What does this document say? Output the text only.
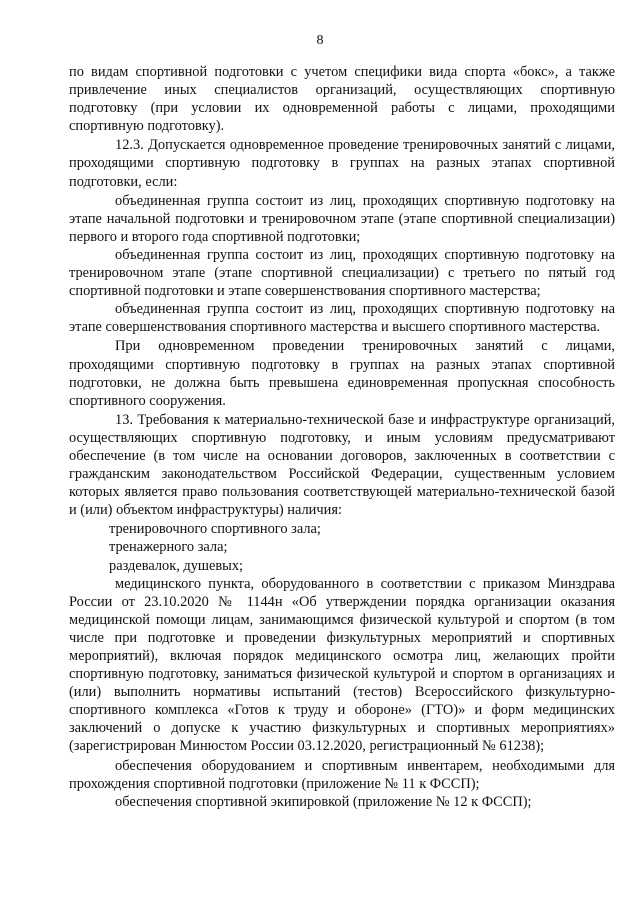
8

по видам спортивной подготовки с учетом специфики вида спорта «бокс», а также привлечение иных специалистов организаций, осуществляющих спортивную подготовку (при условии их одновременной работы с лицами, проходящими спортивную подготовку).

12.3. Допускается одновременное проведение тренировочных занятий с лицами, проходящими спортивную подготовку в группах на разных этапах спортивной подготовки, если:

объединенная группа состоит из лиц, проходящих спортивную подготовку на этапе начальной подготовки и тренировочном этапе (этапе спортивной специализации) первого и второго года спортивной подготовки;

объединенная группа состоит из лиц, проходящих спортивную подготовку на тренировочном этапе (этапе спортивной специализации) с третьего по пятый год спортивной подготовки и этапе совершенствования спортивного мастерства;

объединенная группа состоит из лиц, проходящих спортивную подготовку на этапе совершенствования спортивного мастерства и высшего спортивного мастерства.

При одновременном проведении тренировочных занятий с лицами, проходящими спортивную подготовку в группах на разных этапах спортивной подготовки, не должна быть превышена единовременная пропускная способность спортивного сооружения.

13. Требования к материально-технической базе и инфраструктуре организаций, осуществляющих спортивную подготовку, и иным условиям предусматривают обеспечение (в том числе на основании договоров, заключенных в соответствии с гражданским законодательством Российской Федерации, существенным условием которых является право пользования соответствующей материально-технической базой и (или) объектом инфраструктуры) наличия:

тренировочного спортивного зала;

тренажерного зала;

раздевалок, душевых;

медицинского пункта, оборудованного в соответствии с приказом Минздрава России от 23.10.2020 № 1144н «Об утверждении порядка организации оказания медицинской помощи лицам, занимающимся физической культурой и спортом (в том числе при подготовке и проведении физкультурных мероприятий и спортивных мероприятий), включая порядок медицинского осмотра лиц, желающих пройти спортивную подготовку, заниматься физической культурой и спортом в организациях и (или) выполнить нормативы испытаний (тестов) Всероссийского физкультурно-спортивного комплекса «Готов к труду и обороне» (ГТО)» и форм медицинских заключений о допуске к участию физкультурных и спортивных мероприятиях» (зарегистрирован Минюстом России 03.12.2020, регистрационный № 61238);

обеспечения оборудованием и спортивным инвентарем, необходимыми для прохождения спортивной подготовки (приложение № 11 к ФССП);

обеспечения спортивной экипировкой (приложение № 12 к ФССП);
